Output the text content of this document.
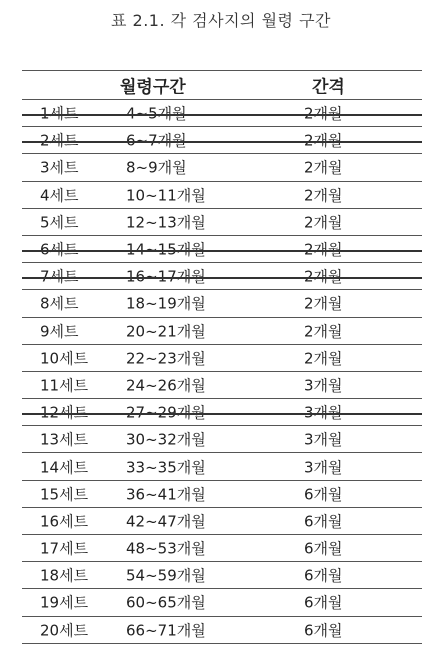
표 2.1. 각 검사지의 월령 구간
월령구간	간격
1세트	4~5개월	2개월
2세트	6~7개월	2개월
3세트	8~9개월	2개월
4세트	10~11개월	2개월
5세트	12~13개월	2개월
6세트	14~15개월	2개월
7세트	16~17개월	2개월
8세트	18~19개월	2개월
9세트	20~21개월	2개월
10세트	22~23개월	2개월
11세트	24~26개월	3개월
12세트	27~29개월	3개월
13세트	30~32개월	3개월
14세트	33~35개월	3개월
15세트	36~41개월	6개월
16세트	42~47개월	6개월
17세트	48~53개월	6개월
18세트	54~59개월	6개월
19세트	60~65개월	6개월
20세트	66~71개월	6개월
